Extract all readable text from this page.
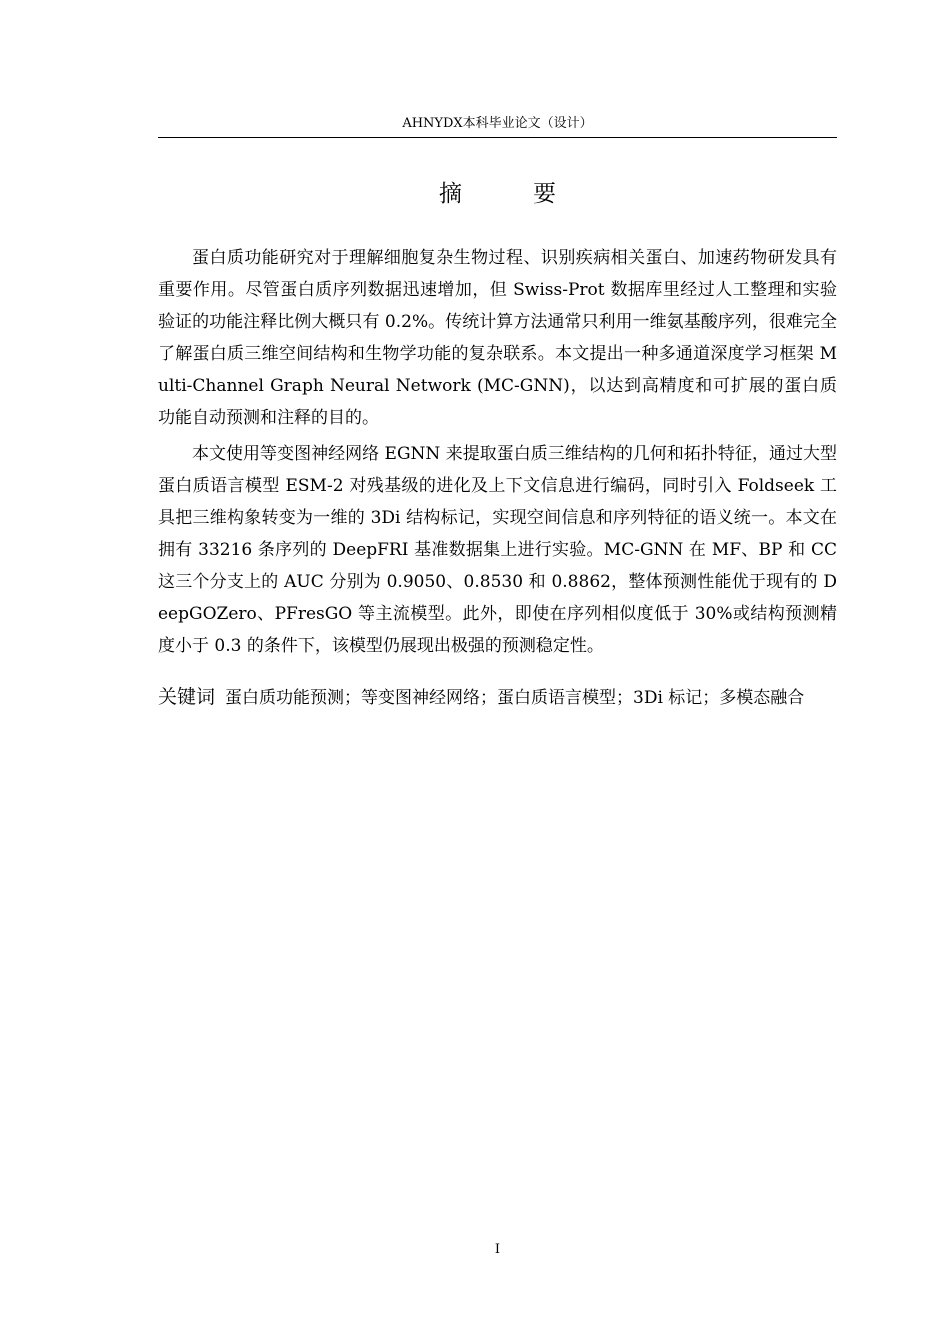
AHNYDX本科毕业论文（设计）
摘　要

蛋白质功能研究对于理解细胞复杂生物过程、识别疾病相关蛋白、加速药物研发具有重要作用。尽管蛋白质序列数据迅速增加，但 Swiss-Prot 数据库里经过人工整理和实验验证的功能注释比例大概只有 0.2%。传统计算方法通常只利用一维氨基酸序列，很难完全了解蛋白质三维空间结构和生物学功能的复杂联系。本文提出一种多通道深度学习框架 Multi-Channel Graph Neural Network (MC-GNN)，以达到高精度和可扩展的蛋白质功能自动预测和注释的目的。

本文使用等变图神经网络 EGNN 来提取蛋白质三维结构的几何和拓扑特征，通过大型蛋白质语言模型 ESM-2 对残基级的进化及上下文信息进行编码，同时引入 Foldseek 工具把三维构象转变为一维的 3Di 结构标记，实现空间信息和序列特征的语义统一。本文在拥有 33216 条序列的 DeepFRI 基准数据集上进行实验。MC-GNN 在 MF、BP 和 CC 这三个分支上的 AUC 分别为 0.9050、0.8530 和 0.8862，整体预测性能优于现有的 DeepGOZero、PFresGO 等主流模型。此外，即使在序列相似度低于 30%或结构预测精度小于 0.3 的条件下，该模型仍展现出极强的预测稳定性。

关键词 蛋白质功能预测；等变图神经网络；蛋白质语言模型；3Di 标记；多模态融合
I
